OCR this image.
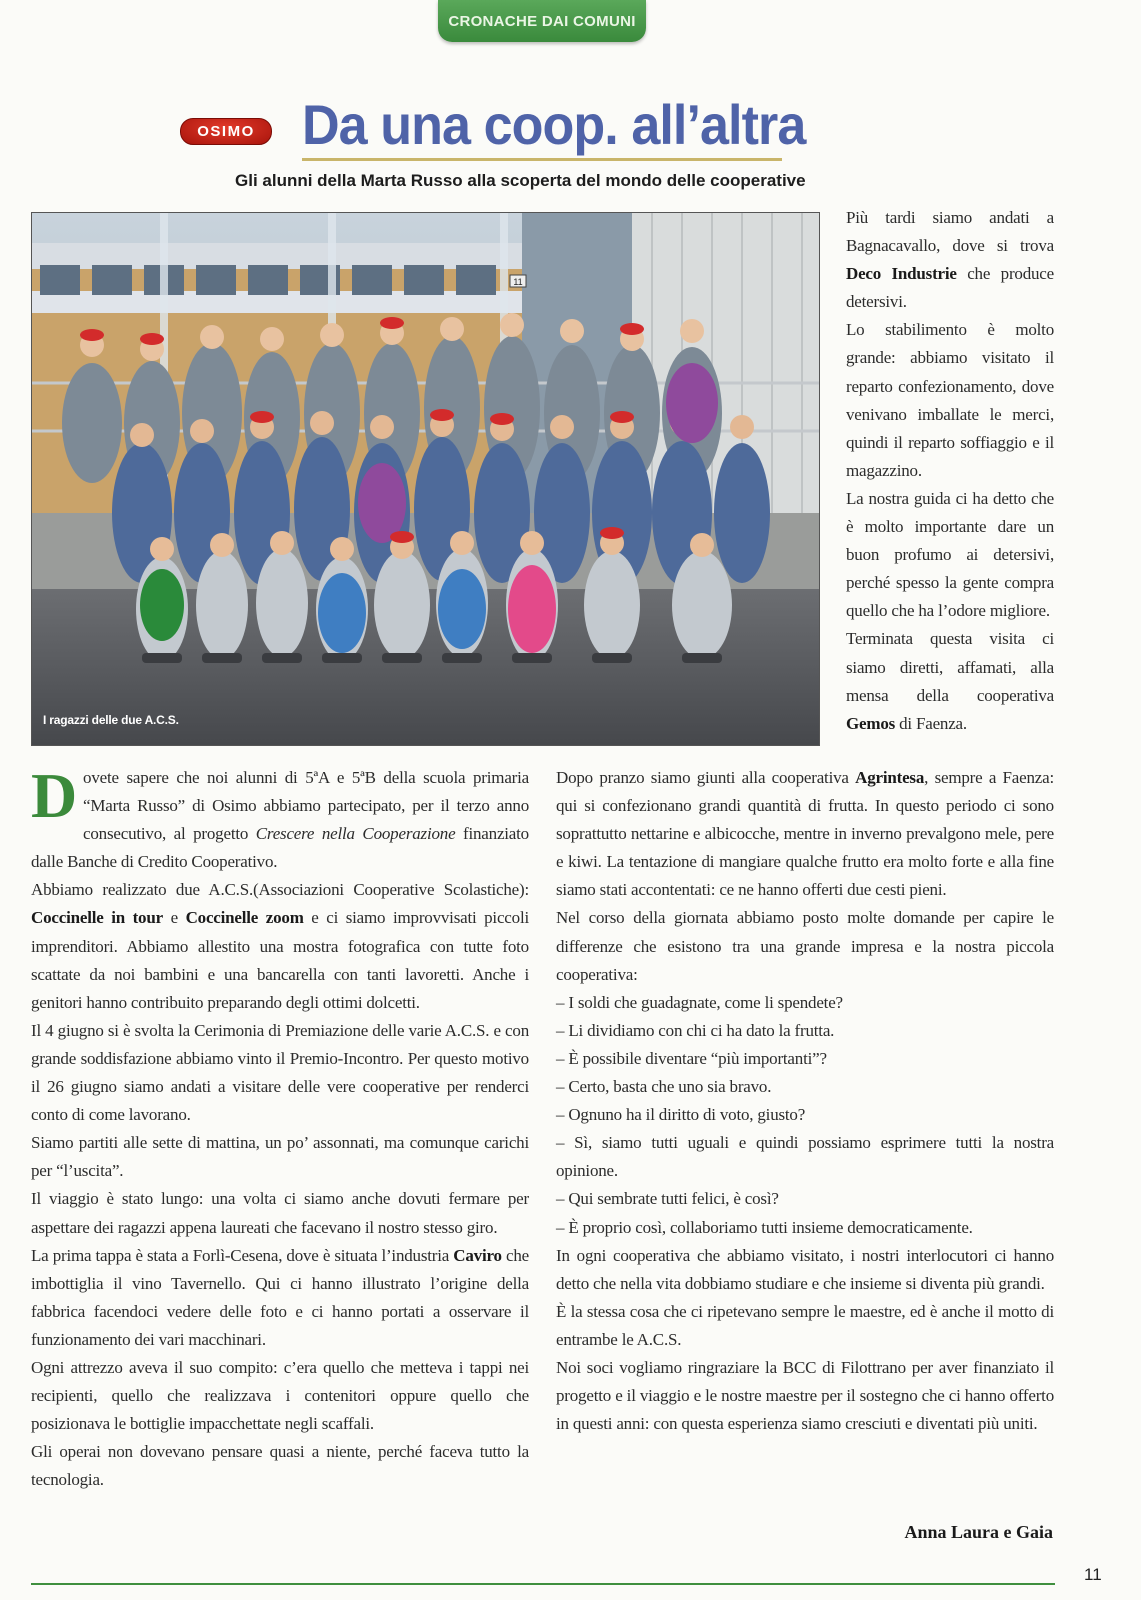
CRONACHE DAI COMUNI
OSIMO Da una coop. all’altra
Gli alunni della Marta Russo alla scoperta del mondo delle cooperative
11
I ragazzi delle due A.C.S.

Più tardi siamo andati a Bagnacavallo, dove si trova Deco Industrie che produce detersivi.

Lo stabilimento è molto grande: abbiamo visitato il reparto confezionamento, dove venivano imballate le merci, quindi il reparto soffiaggio e il magazzino.

La nostra guida ci ha detto che è molto importante dare un buon profumo ai detersivi, perché spesso la gente compra quello che ha l’odore migliore.

Terminata questa visita ci siamo diretti, affamati, alla mensa della cooperativa Gemos di Faenza.

Dovete sapere che noi alunni di 5ªA e 5ªB della scuola primaria “Marta Russo” di Osimo abbiamo partecipato, per il terzo anno consecutivo, al progetto Crescere nella Cooperazione finanziato dalle Banche di Credito Cooperativo.

Abbiamo realizzato due A.C.S.(Associazioni Cooperative Scolastiche): Coccinelle in tour e Coccinelle zoom e ci siamo improvvisati piccoli imprenditori. Abbiamo allestito una mostra fotografica con tutte foto scattate da noi bambini e una bancarella con tanti lavoretti. Anche i genitori hanno contribuito preparando degli ottimi dolcetti.

Il 4 giugno si è svolta la Cerimonia di Premiazione delle varie A.C.S. e con grande soddisfazione abbiamo vinto il Premio-Incontro. Per questo motivo il 26 giugno siamo andati a visitare delle vere cooperative per renderci conto di come lavorano.

Siamo partiti alle sette di mattina, un po’ assonnati, ma comunque carichi per “l’uscita”.

Il viaggio è stato lungo: una volta ci siamo anche dovuti fermare per aspettare dei ragazzi appena laureati che facevano il nostro stesso giro.

La prima tappa è stata a Forlì-Cesena, dove è situata l’industria Caviro che imbottiglia il vino Tavernello. Qui ci hanno illustrato l’origine della fabbrica facendoci vedere delle foto e ci hanno portati a osservare il funzionamento dei vari macchinari.

Ogni attrezzo aveva il suo compito: c’era quello che metteva i tappi nei recipienti, quello che realizzava i contenitori oppure quello che posizionava le bottiglie impacchettate negli scaffali.

Gli operai non dovevano pensare quasi a niente, perché faceva tutto la tecnologia.

Dopo pranzo siamo giunti alla cooperativa Agrintesa, sempre a Faenza: qui si confezionano grandi quantità di frutta. In questo periodo ci sono soprattutto nettarine e albicocche, mentre in inverno prevalgono mele, pere e kiwi. La tentazione di mangiare qualche frutto era molto forte e alla fine siamo stati accontentati: ce ne hanno offerti due cesti pieni.

Nel corso della giornata abbiamo posto molte domande per capire le differenze che esistono tra una grande impresa e la nostra piccola cooperativa:

– I soldi che guadagnate, come li spendete?

– Li dividiamo con chi ci ha dato la frutta.

– È possibile diventare “più importanti”?

– Certo, basta che uno sia bravo.

– Ognuno ha il diritto di voto, giusto?

– Sì, siamo tutti uguali e quindi possiamo esprimere tutti la nostra opinione.

– Qui sembrate tutti felici, è così?

– È proprio così, collaboriamo tutti insieme democraticamente.

In ogni cooperativa che abbiamo visitato, i nostri interlocutori ci hanno detto che nella vita dobbiamo studiare e che insieme si diventa più grandi.

È la stessa cosa che ci ripetevano sempre le maestre, ed è anche il motto di entrambe le A.C.S.

Noi soci vogliamo ringraziare la BCC di Filottrano per aver finanziato il progetto e il viaggio e le nostre maestre per il sostegno che ci hanno offerto in questi anni: con questa esperienza siamo cresciuti e diventati più uniti.

Anna Laura e Gaia
11
